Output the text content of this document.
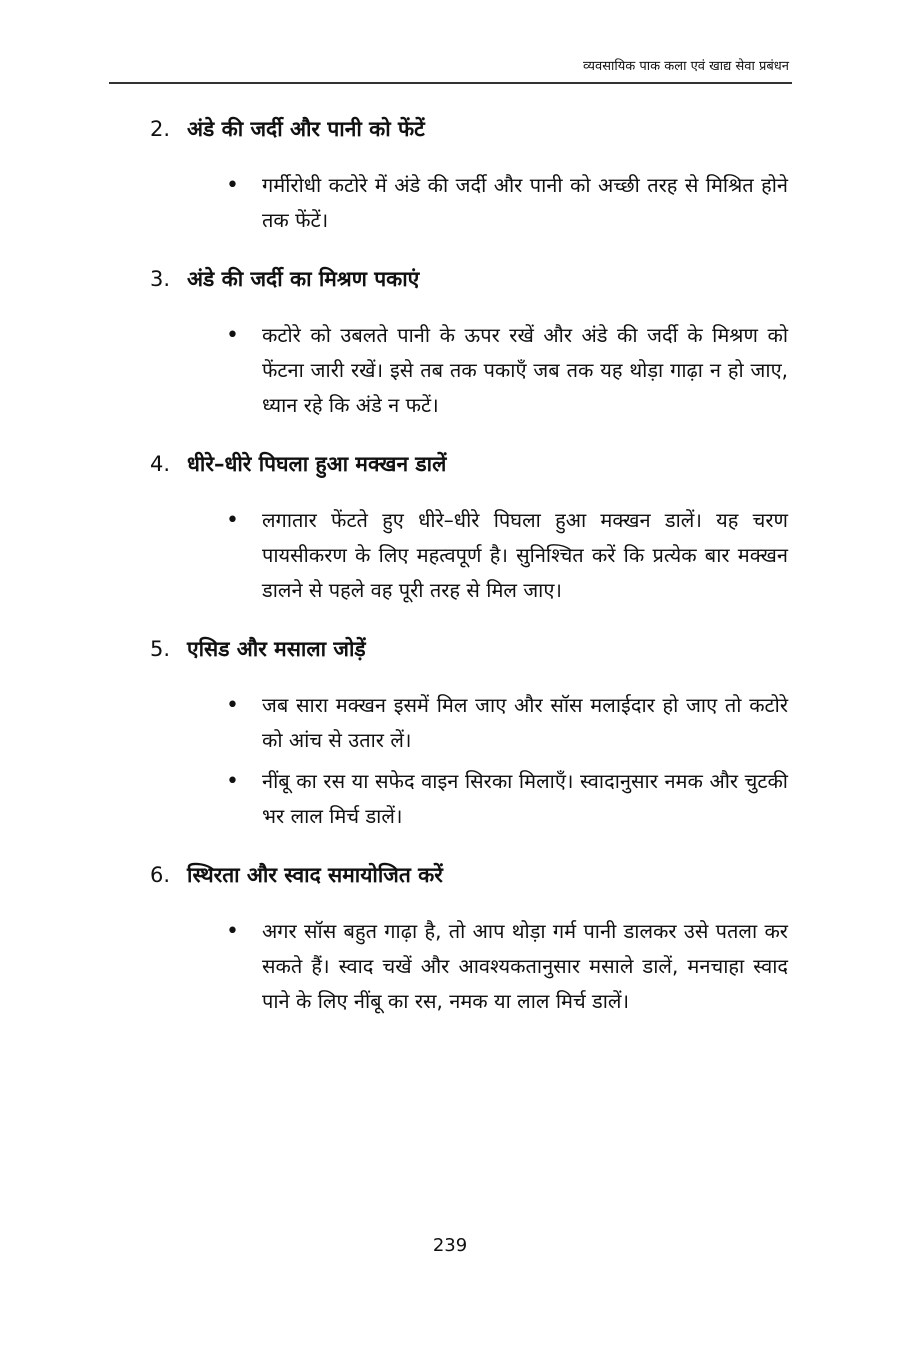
व्यवसायिक पाक कला एवं खाद्य सेवा प्रबंधन
2. अंडे की जर्दी और पानी को फेंटें
• गर्मीरोधी कटोरे में अंडे की जर्दी और पानी को अच्छी तरह से मिश्रित होने तक फेंटें।
3. अंडे की जर्दी का मिश्रण पकाएं
• कटोरे को उबलते पानी के ऊपर रखें और अंडे की जर्दी के मिश्रण को फेंटना जारी रखें। इसे तब तक पकाएँ जब तक यह थोड़ा गाढ़ा न हो जाए, ध्यान रहे कि अंडे न फटें।
4. धीरे–धीरे पिघला हुआ मक्खन डालें
• लगातार फेंटते हुए धीरे–धीरे पिघला हुआ मक्खन डालें। यह चरण पायसीकरण के लिए महत्वपूर्ण है। सुनिश्चित करें कि प्रत्येक बार मक्खन डालने से पहले वह पूरी तरह से मिल जाए।
5. एसिड और मसाला जोड़ें
• जब सारा मक्खन इसमें मिल जाए और सॉस मलाईदार हो जाए तो कटोरे को आंच से उतार लें।
• नींबू का रस या सफेद वाइन सिरका मिलाएँ। स्वादानुसार नमक और चुटकी भर लाल मिर्च डालें।
6. स्थिरता और स्वाद समायोजित करें
• अगर सॉस बहुत गाढ़ा है, तो आप थोड़ा गर्म पानी डालकर उसे पतला कर सकते हैं। स्वाद चखें और आवश्यकतानुसार मसाले डालें, मनचाहा स्वाद पाने के लिए नींबू का रस, नमक या लाल मिर्च डालें।
239
